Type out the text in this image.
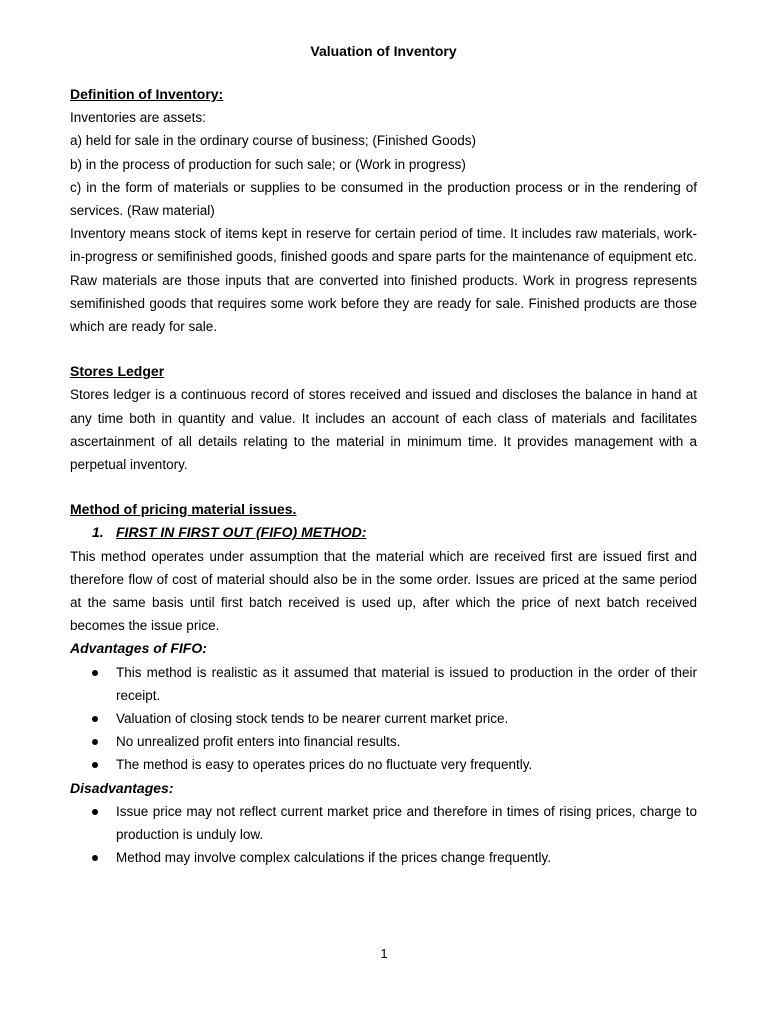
Valuation of Inventory

Definition of Inventory:

Inventories are assets:

a) held for sale in the ordinary course of business; (Finished Goods)

b) in the process of production for such sale; or (Work in progress)

c) in the form of materials or supplies to be consumed in the production process or in the rendering of services. (Raw material)

Inventory means stock of items kept in reserve for certain period of time. It includes raw materials, work-in-progress or semifinished goods, finished goods and spare parts for the maintenance of equipment etc. Raw materials are those inputs that are converted into finished products. Work in progress represents semifinished goods that requires some work before they are ready for sale. Finished products are those which are ready for sale.

Stores Ledger

Stores ledger is a continuous record of stores received and issued and discloses the balance in hand at any time both in quantity and value. It includes an account of each class of materials and facilitates ascertainment of all details relating to the material in minimum time. It provides management with a perpetual inventory.

Method of pricing material issues.

1. FIRST IN FIRST OUT (FIFO) METHOD:

This method operates under assumption that the material which are received first are issued first and therefore flow of cost of material should also be in the some order. Issues are priced at the same period at the same basis until first batch received is used up, after which the price of next batch received becomes the issue price.

Advantages of FIFO:

This method is realistic as it assumed that material is issued to production in the order of their receipt.
Valuation of closing stock tends to be nearer current market price.
No unrealized profit enters into financial results.
The method is easy to operates prices do no fluctuate very frequently.

Disadvantages:

Issue price may not reflect current market price and therefore in times of rising prices, charge to production is unduly low.
Method may involve complex calculations if the prices change frequently.
1
